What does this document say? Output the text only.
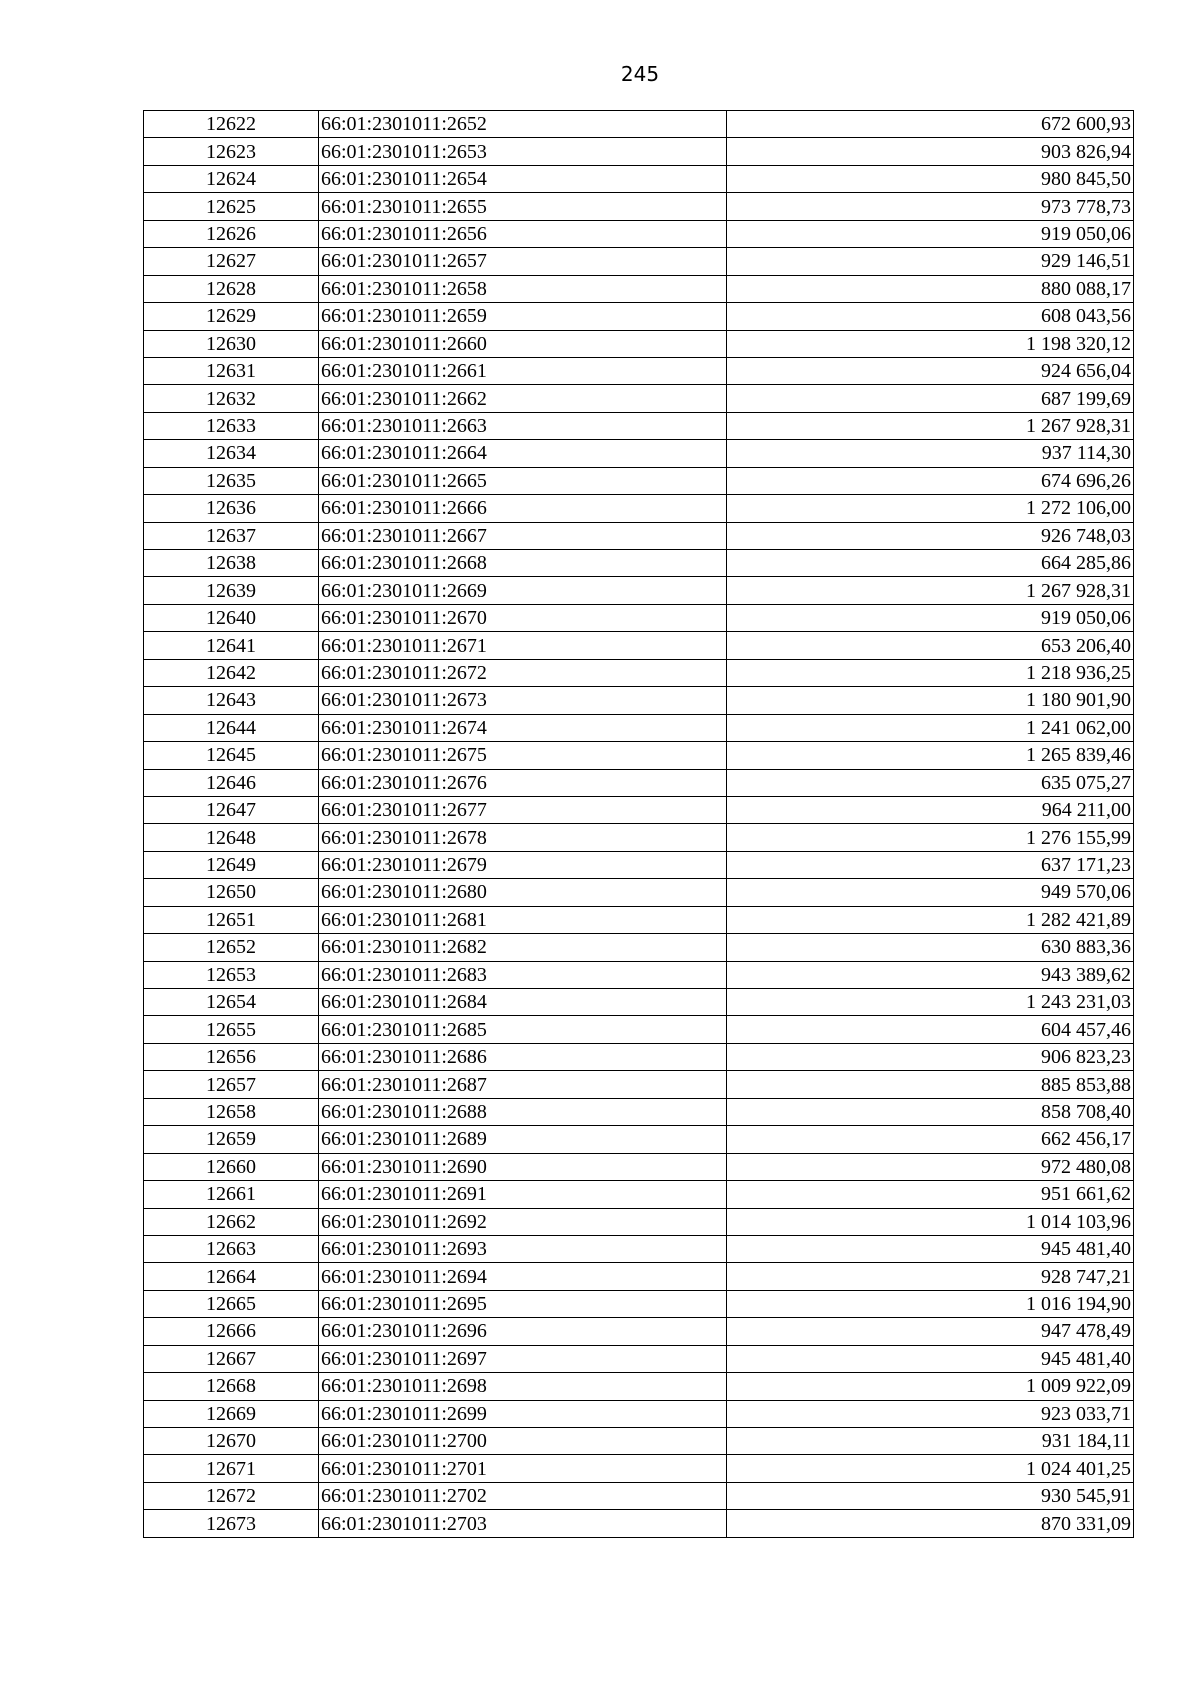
245
12622	66:01:2301011:2652	672 600,93
12623	66:01:2301011:2653	903 826,94
12624	66:01:2301011:2654	980 845,50
12625	66:01:2301011:2655	973 778,73
12626	66:01:2301011:2656	919 050,06
12627	66:01:2301011:2657	929 146,51
12628	66:01:2301011:2658	880 088,17
12629	66:01:2301011:2659	608 043,56
12630	66:01:2301011:2660	1 198 320,12
12631	66:01:2301011:2661	924 656,04
12632	66:01:2301011:2662	687 199,69
12633	66:01:2301011:2663	1 267 928,31
12634	66:01:2301011:2664	937 114,30
12635	66:01:2301011:2665	674 696,26
12636	66:01:2301011:2666	1 272 106,00
12637	66:01:2301011:2667	926 748,03
12638	66:01:2301011:2668	664 285,86
12639	66:01:2301011:2669	1 267 928,31
12640	66:01:2301011:2670	919 050,06
12641	66:01:2301011:2671	653 206,40
12642	66:01:2301011:2672	1 218 936,25
12643	66:01:2301011:2673	1 180 901,90
12644	66:01:2301011:2674	1 241 062,00
12645	66:01:2301011:2675	1 265 839,46
12646	66:01:2301011:2676	635 075,27
12647	66:01:2301011:2677	964 211,00
12648	66:01:2301011:2678	1 276 155,99
12649	66:01:2301011:2679	637 171,23
12650	66:01:2301011:2680	949 570,06
12651	66:01:2301011:2681	1 282 421,89
12652	66:01:2301011:2682	630 883,36
12653	66:01:2301011:2683	943 389,62
12654	66:01:2301011:2684	1 243 231,03
12655	66:01:2301011:2685	604 457,46
12656	66:01:2301011:2686	906 823,23
12657	66:01:2301011:2687	885 853,88
12658	66:01:2301011:2688	858 708,40
12659	66:01:2301011:2689	662 456,17
12660	66:01:2301011:2690	972 480,08
12661	66:01:2301011:2691	951 661,62
12662	66:01:2301011:2692	1 014 103,96
12663	66:01:2301011:2693	945 481,40
12664	66:01:2301011:2694	928 747,21
12665	66:01:2301011:2695	1 016 194,90
12666	66:01:2301011:2696	947 478,49
12667	66:01:2301011:2697	945 481,40
12668	66:01:2301011:2698	1 009 922,09
12669	66:01:2301011:2699	923 033,71
12670	66:01:2301011:2700	931 184,11
12671	66:01:2301011:2701	1 024 401,25
12672	66:01:2301011:2702	930 545,91
12673	66:01:2301011:2703	870 331,09
